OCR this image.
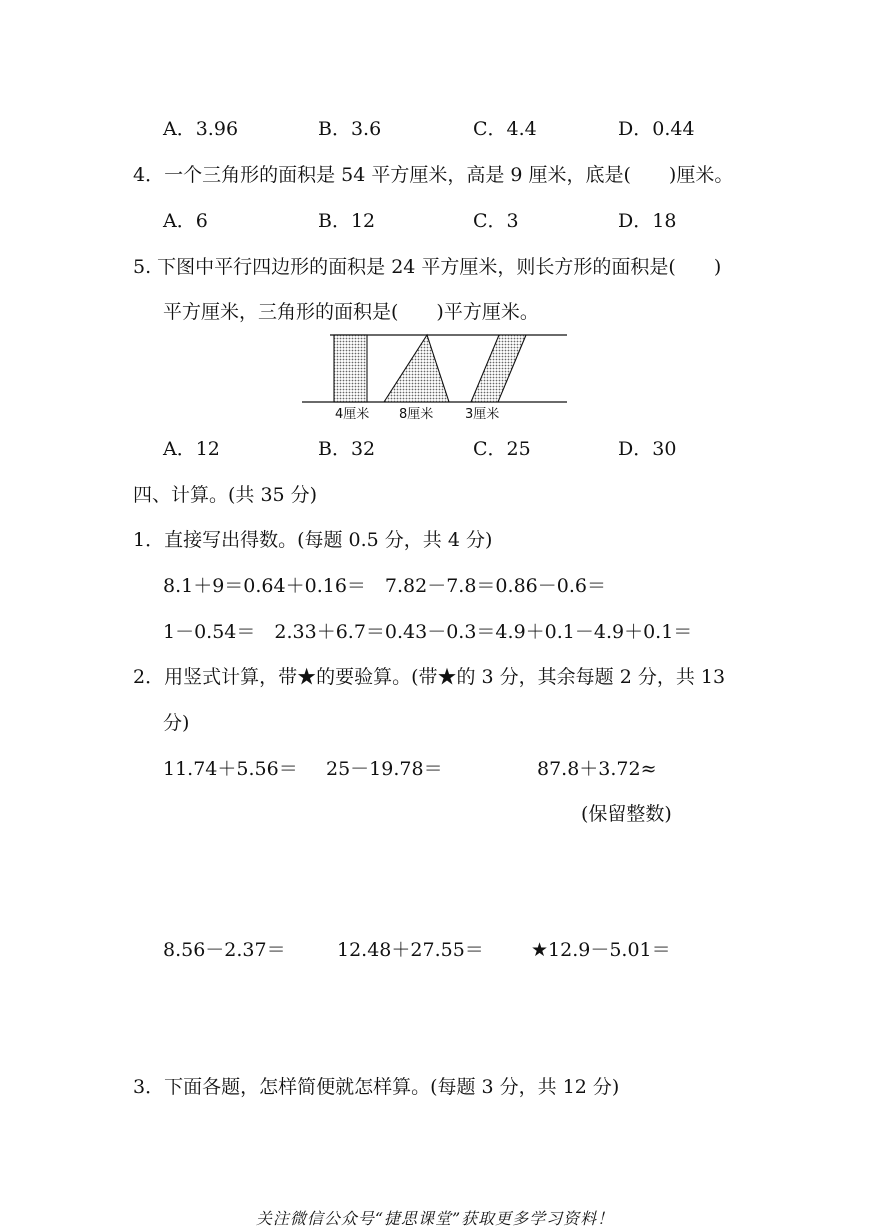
A．3.96	B．3.6	C．4.4	D．0.44
4．一个三角形的面积是 54 平方厘米，高是 9 厘米，底是(　　)厘米。
A．6	B．12	C．3	D．18
5. 下图中平行四边形的面积是 24 平方厘米，则长方形的面积是(　　)
平方厘米，三角形的面积是(　　)平方厘米。
4厘米 8厘米 3厘米
A．12	B．32	C．25	D．30
四、计算。(共 35 分)
1．直接写出得数。(每题 0.5 分，共 4 分)
8.1＋9＝0.64＋0.16＝　7.82－7.8＝0.86－0.6＝
1－0.54＝　2.33＋6.7＝0.43－0.3＝4.9＋0.1－4.9＋0.1＝
2．用竖式计算，带★的要验算。(带★的 3 分，其余每题 2 分，共 13
分)
11.74＋5.56＝ 25－19.78＝	87.8＋3.72≈
(保留整数)
8.56－2.37＝	12.48＋27.55＝ ★12.9－5.01＝
3．下面各题，怎样简便就怎样算。(每题 3 分，共 12 分)
关注微信公众号“捷思课堂”获取更多学习资料！
